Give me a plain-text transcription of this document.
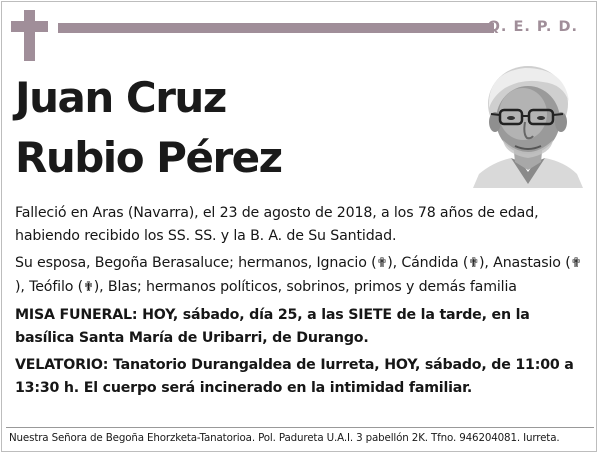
Q. E. P. D.
Juan Cruz
Rubio Pérez

Falleció en Aras (Navarra), el 23 de agosto de 2018, a los 78 años de edad, habiendo recibido los SS. SS. y la B. A. de Su Santidad.

Su esposa, Begoña Berasaluce; hermanos, Ignacio (✟), Cándida (✟), Anastasio (✟), Teófilo (✟), Blas; hermanos políticos, sobrinos, primos y demás familia

MISA FUNERAL: HOY, sábado, día 25, a las SIETE de la tarde, en la basílica Santa María de Uribarri, de Durango.

VELATORIO: Tanatorio Durangaldea de Iurreta, HOY, sábado, de 11:00 a 13:30 h. El cuerpo será incinerado en la intimidad familiar.

Nuestra Señora de Begoña Ehorzketa-Tanatorioa. Pol. Padureta U.A.I. 3 pabellón 2K. Tfno. 946204081. Iurreta.
